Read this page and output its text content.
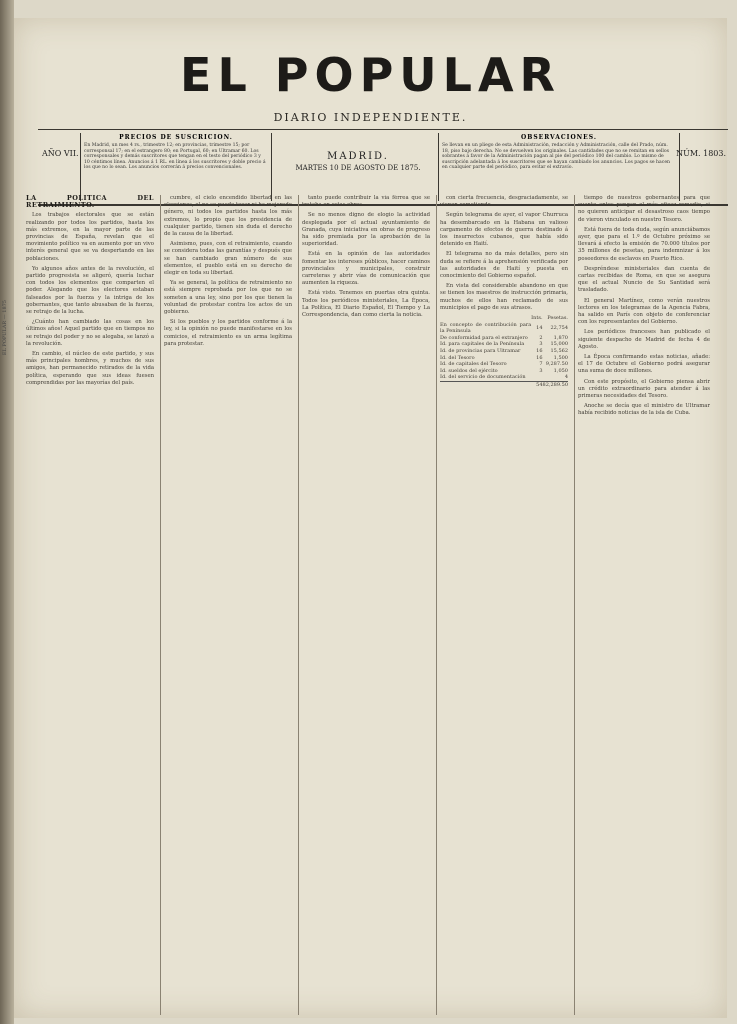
EL POPULAR
DIARIO INDEPENDIENTE.
AÑO VII.
PRECIOS DE SUSCRICION.

En Madrid, un mes 4 rs., trimestre 12; en provincias, trimestre 15; por corresponsal 17; en el estrangero 80; en Portugal, 60; en Ultramar 60. Los corresponsales y demás suscritores que tengan en el testo del periódico 3 y 10 céntimos línea. Anuncios á 1 RL. en línea á los suscritores y doble precio á los que no lo sean. Los anuncios correrán á precios convencionales.

MADRID.
MARTES 10 DE AGOSTO DE 1875.
OBSERVACIONES.

Se llevan en un pliego de esta Administración, redacción y Administración, calle del Prado, núm. 18, piso bajo derecha. No se devuelven los originales. Las cantidades que no se remitan en sellos sobrantes á favor de la Administración pagan al pie del periódico 100 del cambio. Lo mismo de suscripción adelantada á los suscritores que se hayan cambiado los anuncios. Los pagos se hacen en cualquier parte del periódico, para evitar el extravío.

NÚM. 1803.
EL POPULAR — 1875
LA POLITICA DEL RETRAIMIENTO.

Los trabajos electorales que se están realizando por todos los partidos, hasta los más extremos, en la mayor parte de las provincias de España, revelan que el movimiento político va en aumento por un vivo interés general que se va despertando en las poblaciones.

Yo algunos años antes de la revolución, el partido progresista se aligeró, quería luchar con todos los elementos que comparten el poder. Alegando que los electores estaban falseados por la fuerza y la intriga de los gobernantes, que tanto abusaban de la fuerza, se retrajo de la lucha.

¿Cuánto han cambiado las cosas en los últimos años! Aquel partido que en tiempos no se retrajo del poder y no se alegaba, se lanzó a la revolución.

En cambio, el núcleo de este partido, y sus más principales hombres, y muchos de sus amigos, han permanecido retirados de la vida política, esperando que sus ideas fuesen comprendidas por las mayorías del país.

cumbre, el cielo encendido libertad en las elecciones, el no se puede tocar ni ha mejorado género, ni todos los partidos hasta los más extremos, lo propio que los presidencia de cualquier partido, tienen sin duda el derecho de la causa de la libertad.

Asimismo, pues, con el retraimiento, cuando se considera todas las garantías y después que se han cambiado gran número de sus elementos, el pueblo está en su derecho de elegir en toda su libertad.

Ya se general, la política de retraimiento no está siempre reprobada por los que no se someten a una ley, sino por los que tienen la voluntad de protestar contra los actos de un gobierno.

Si los pueblos y los partidos conforme á la ley, si la opinión no puede manifestarse en los comicios, el retraimiento es un arma legítima para protestar.

tanto puede contribuir la vía férrea que se trataba en estas obras.

Se no menos digno de elogio la actividad desplegada por el actual ayuntamiento de Granada, cuya iniciativa en obras de progreso ha sido premiada por la aprobación de la superioridad.

Está en la opinión de las autoridades fomentar los intereses públicos, hacer caminos provinciales y municipales, construir carreteras y abrir vías de comunicación que aumenten la riqueza.

Está visto. Tenemos en puertas otra quinta. Todos los periódicos ministeriales, La Época, La Política, El Diario Español, El Tiempo y La Correspondencia, dan como cierta la noticia.

con cierta frecuencia, desgraciadamente, se vienen cometiendo.

Según telegrama de ayer, el vapor Churruca ha desembarcado en la Habana un valioso cargamento de efectos de guerra destinado á los insurrectos cubanos, que había sido detenido en Haití.

El telegrama no da más detalles, pero sin duda se refiere á la aprehensión verificada por las autoridades de Haití y puesta en conocimiento del Gobierno español.

En vista del considerable abandono en que se tienen los maestros de instrucción primaria, muchos de ellos han reclamado de sus municipios el pago de sus atrasos.

	Ints.	Pesetas.
En concepto de contribución para la Península	14	22,754
De conformidad para el extranjero	2	1,870
Id. para capitales de la Península	3	15,000
Id. de provincias para Ultramar	16	15,562
Id. del Tesoro	16	1,500
Id. de capitales del Tesoro	7	9,287.50
Id. sueldos del ejército	3	1,050
Id. del servicio de documentación		4
	54	82,289.50

tiempo de nuestros gobernantes para que cuanto antes pongan el más eficaz remedio, si no quieren anticipar el desastroso caos tiempo de vieron vinculado en nuestro Tesoro.

Está fuera de toda duda, según anunciábamos ayer, que para el 1.º de Octubre próximo se llevará á efecto la emisión de 70.000 títulos por 35 millones de pesetas, para indemnizar á los poseedores de esclavos en Puerto Rico.

Despréndese ministeriales dan cuenta de cartas recibidas de Roma, en que se asegura que el actual Nuncio de Su Santidad será trasladado.

El general Martínez, como verán nuestros lectores en los telegramas de la Agencia Fabra, ha salido en París con objeto de conferenciar con los representantes del Gobierno.

Los periódicos franceses han publicado el siguiente despacho de Madrid de fecha 4 de Agosto.

La Época confirmando estas noticias, añade: el 17 de Octubre el Gobierno podrá asegurar una suma de doce millones.

Con este propósito, el Gobierno piensa abrir un crédito extraordinario para atender á las primeras necesidades del Tesoro.

Anoche se decía que el ministro de Ultramar había recibido noticias de la isla de Cuba.
